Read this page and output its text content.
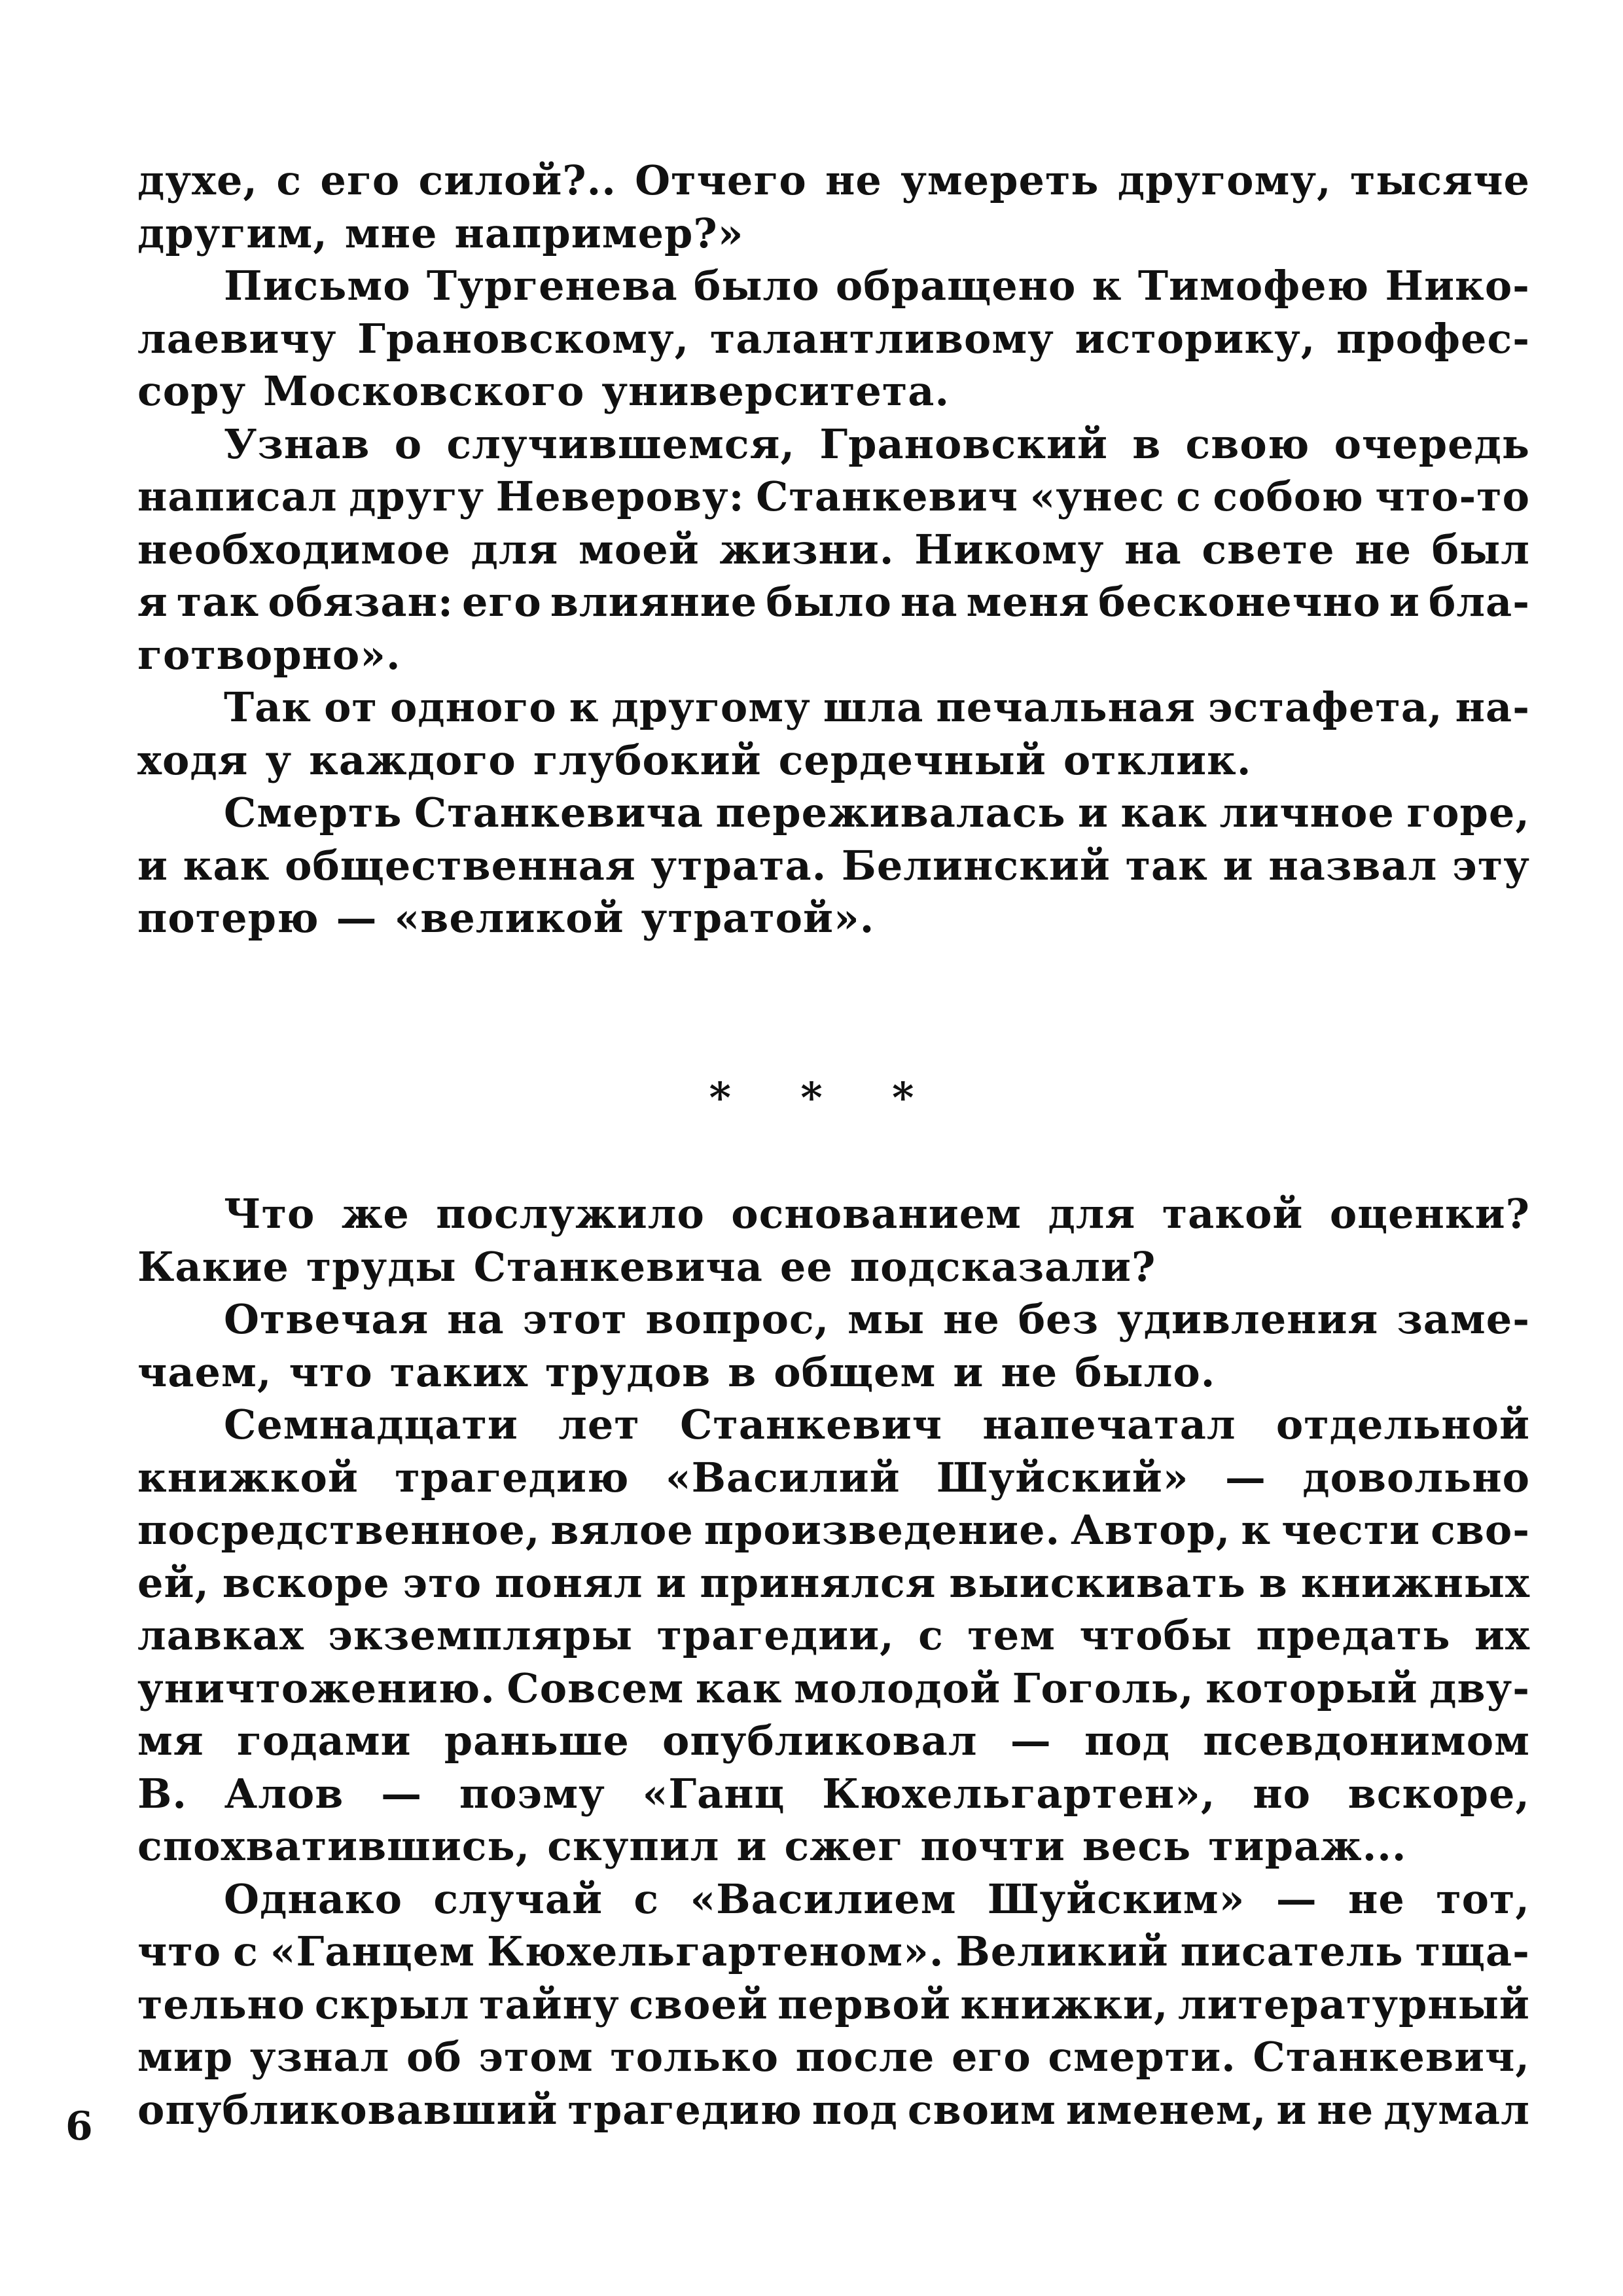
духе, с его силой?.. Отчего не умереть другому, тысяче
другим, мне например?»
Письмо Тургенева было обращено к Тимофею Нико-
лаевичу Грановскому, талантливому историку, профес-
сору Московского университета.
Узнав о случившемся, Грановский в свою очередь
написал другу Неверову: Станкевич «унес с собою что-то
необходимое для моей жизни. Никому на свете не был
я так обязан: его влияние было на меня бесконечно и бла-
готворно».
Так от одного к другому шла печальная эстафета, на-
ходя у каждого глубокий сердечный отклик.
Смерть Станкевича переживалась и как личное горе,
и как общественная утрата. Белинский так и назвал эту
потерю — «великой утратой».
* * *
Что же послужило основанием для такой оценки?
Какие труды Станкевича ее подсказали?
Отвечая на этот вопрос, мы не без удивления заме-
чаем, что таких трудов в общем и не было.
Семнадцати лет Станкевич напечатал отдельной
книжкой трагедию «Василий Шуйский» — довольно
посредственное, вялое произведение. Автор, к чести сво-
ей, вскоре это понял и принялся выискивать в книжных
лавках экземпляры трагедии, с тем чтобы предать их
уничтожению. Совсем как молодой Гоголь, который дву-
мя годами раньше опубликовал — под псевдонимом
В. Алов — поэму «Ганц Кюхельгартен», но вскоре,
спохватившись, скупил и сжег почти весь тираж...
Однако случай с «Василием Шуйским» — не тот,
что с «Ганцем Кюхельгартеном». Великий писатель тща-
тельно скрыл тайну своей первой книжки, литературный
мир узнал об этом только после его смерти. Станкевич,
опубликовавший трагедию под своим именем, и не думал
6
